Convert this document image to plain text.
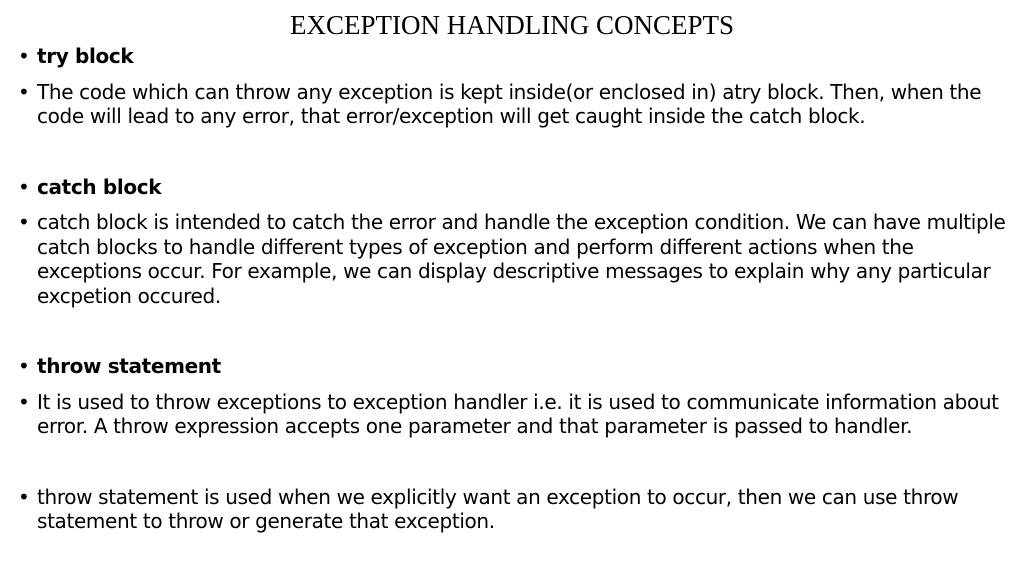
EXCEPTION HANDLING CONCEPTS
• try block
• The code which can throw any exception is kept inside(or enclosed in) atry block. Then, when the code will lead to any error, that error/exception will get caught inside the catch block.
• catch block
• catch block is intended to catch the error and handle the exception condition. We can have multiple catch blocks to handle different types of exception and perform different actions when the exceptions occur. For example, we can display descriptive messages to explain why any particular excpetion occured.
• throw statement
• It is used to throw exceptions to exception handler i.e. it is used to communicate information about error. A throw expression accepts one parameter and that parameter is passed to handler.
• throw statement is used when we explicitly want an exception to occur, then we can use throw statement to throw or generate that exception.
